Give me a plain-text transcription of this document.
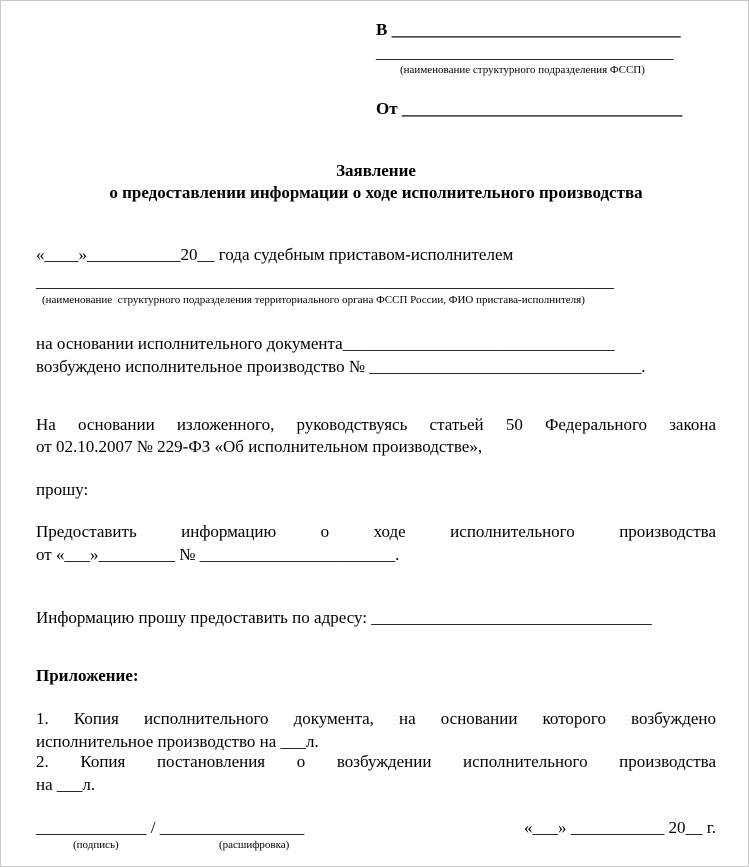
В __________________________________
___________________________________
(наименование структурного подразделения ФССП)
От _________________________________
Заявление
о предоставлении информации о ходе исполнительного производства
«____»___________20__ года судебным приставом-исполнителем
____________________________________________________________________
(наименование  структурного подразделения территориального органа ФССП России, ФИО пристава-исполнителя)
на основании исполнительного документа________________________________
возбуждено исполнительное производство № ________________________________.
На основании изложенного, руководствуясь статьей 50 Федерального закона
от 02.10.2007 № 229-ФЗ «Об исполнительном производстве»,
прошу:
Предоставить информацию о ходе исполнительного производства
от «___»_________ № _______________________.
Информацию прошу предоставить по адресу: _________________________________
Приложение:
1. Копия исполнительного документа, на основании которого возбуждено
исполнительное производство на ___л.
2. Копия постановления о возбуждении исполнительного производства
на ___л.
_____________ / _________________
(подпись)	(расшифровка)
«___» ___________ 20__ г.
